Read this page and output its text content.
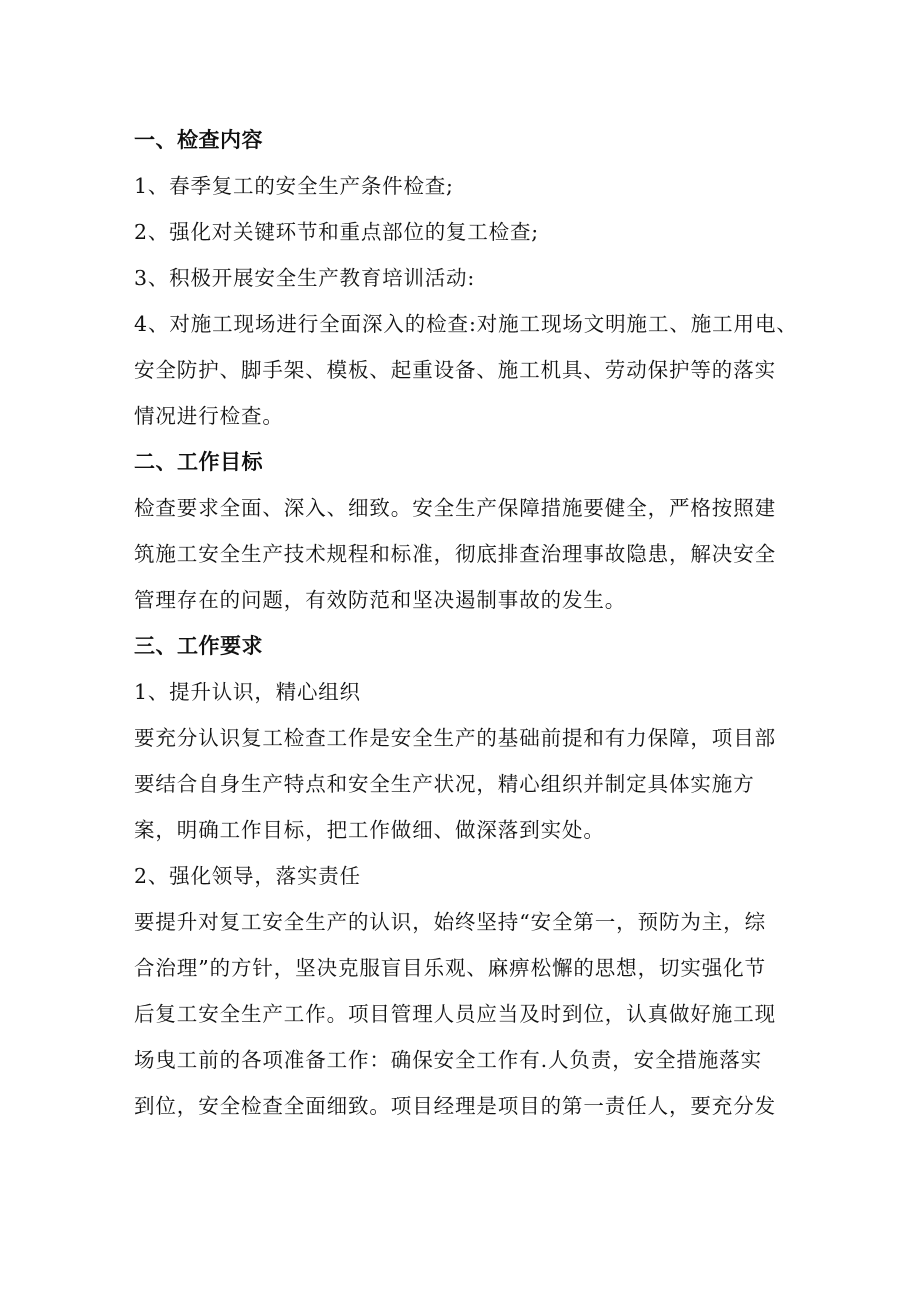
一、检查内容
1、春季复工的安全生产条件检查;
2、强化对关键环节和重点部位的复工检查;
3、积极开展安全生产教育培训活动:
4、对施工现场进行全面深入的检查:对施工现场文明施工、施工用电、
安全防护、脚手架、模板、起重设备、施工机具、劳动保护等的落实
情况进行检查。
二、工作目标
检查要求全面、深入、细致。安全生产保障措施要健全，严格按照建
筑施工安全生产技术规程和标准，彻底排查治理事故隐患，解决安全
管理存在的问题，有效防范和坚决遏制事故的发生。
三、工作要求
1、提升认识，精心组织
要充分认识复工检查工作是安全生产的基础前提和有力保障，项目部
要结合自身生产特点和安全生产状况，精心组织并制定具体实施方
案，明确工作目标，把工作做细、做深落到实处。
2、强化领导，落实责任
要提升对复工安全生产的认识，始终坚持“安全第一，预防为主，综
合治理”的方针，坚决克服盲目乐观、麻痹松懈的思想，切实强化节
后复工安全生产工作。项目管理人员应当及时到位，认真做好施工现
场曳工前的各项准备工作：确保安全工作有.人负责，安全措施落实
到位，安全检查全面细致。项目经理是项目的第一责任人，要充分发
